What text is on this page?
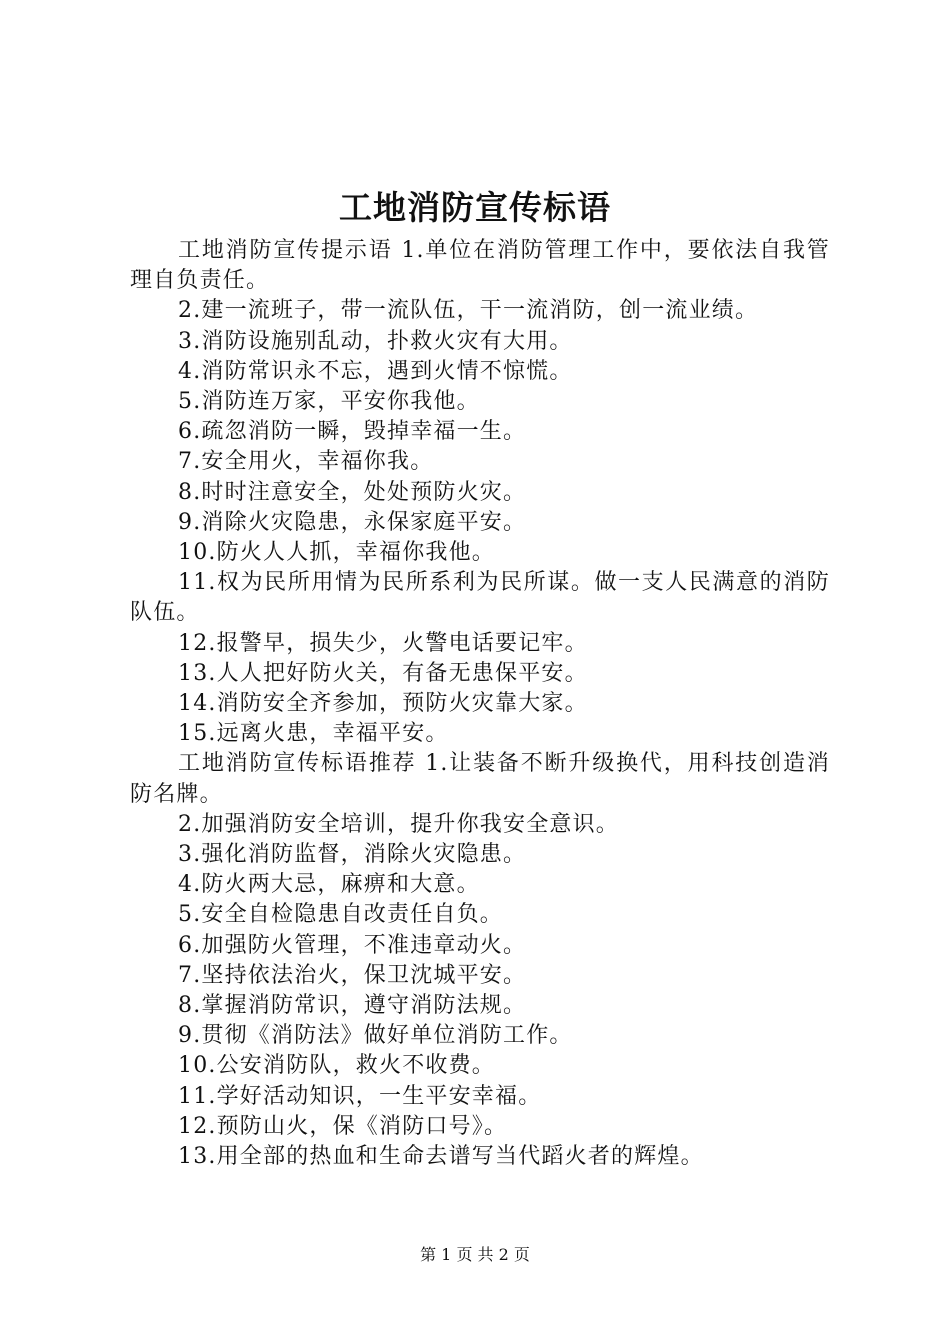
工地消防宣传标语

工地消防宣传提示语 1.单位在消防管理工作中，要依法自我管理自负责任。

2.建一流班子，带一流队伍，干一流消防，创一流业绩。

3.消防设施别乱动，扑救火灾有大用。

4.消防常识永不忘，遇到火情不惊慌。

5.消防连万家，平安你我他。

6.疏忽消防一瞬，毁掉幸福一生。

7.安全用火，幸福你我。

8.时时注意安全，处处预防火灾。

9.消除火灾隐患，永保家庭平安。

10.防火人人抓，幸福你我他。

11.权为民所用情为民所系利为民所谋。做一支人民满意的消防队伍。

12.报警早，损失少，火警电话要记牢。

13.人人把好防火关，有备无患保平安。

14.消防安全齐参加，预防火灾靠大家。

15.远离火患，幸福平安。

工地消防宣传标语推荐 1.让装备不断升级换代，用科技创造消防名牌。

2.加强消防安全培训，提升你我安全意识。

3.强化消防监督，消除火灾隐患。

4.防火两大忌，麻痹和大意。

5.安全自检隐患自改责任自负。

6.加强防火管理，不准违章动火。

7.坚持依法治火，保卫沈城平安。

8.掌握消防常识，遵守消防法规。

9.贯彻《消防法》做好单位消防工作。

10.公安消防队，救火不收费。

11.学好活动知识，一生平安幸福。

12.预防山火，保《消防口号》。

13.用全部的热血和生命去谱写当代蹈火者的辉煌。

第 1 页 共 2 页
